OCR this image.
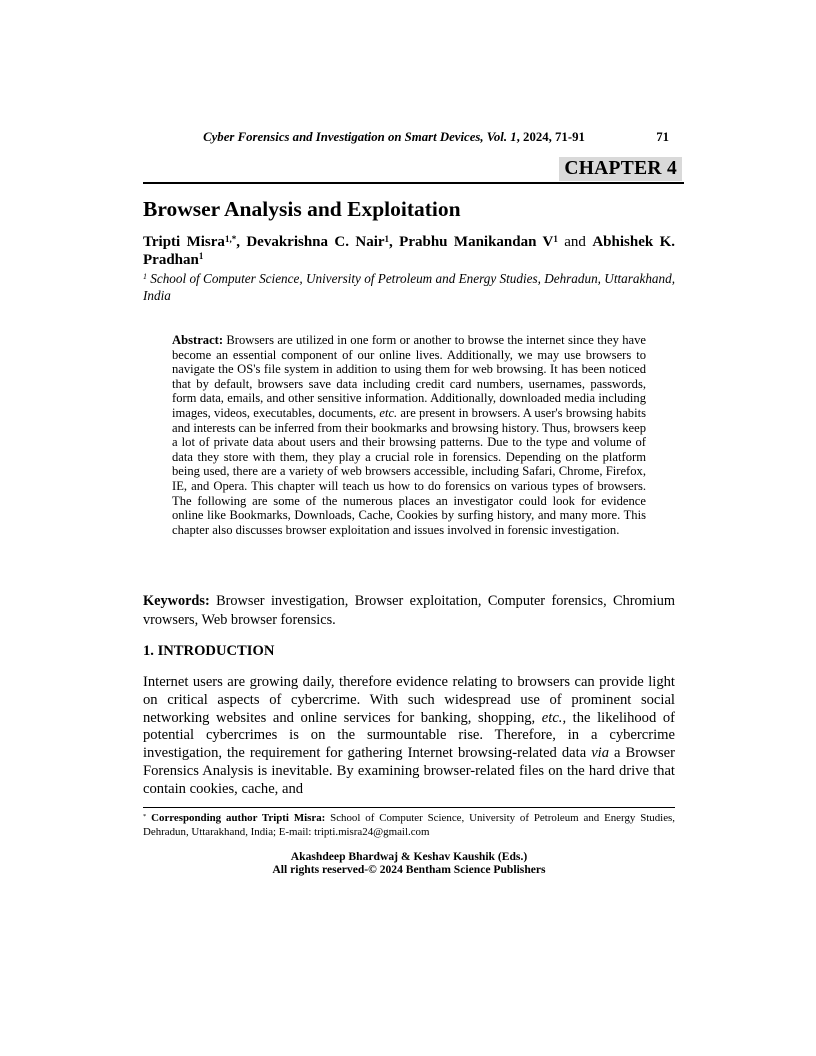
Cyber Forensics and Investigation on Smart Devices, Vol. 1, 2024, 71-91	71
CHAPTER 4
Browser Analysis and Exploitation
Tripti Misra$^{1,*}$, Devakrishna C. Nair$^1$, Prabhu Manikandan $V^1$ and Abhishek K. Pradhan$^1$
$^1$ School of Computer Science, University of Petroleum and Energy Studies, Dehradun, Uttarakhand, India
Abstract: Browsers are utilized in one form or another to browse the internet since they have become an essential component of our online lives. Additionally, we may use browsers to navigate the OS's file system in addition to using them for web browsing. It has been noticed that by default, browsers save data including credit card numbers, usernames, passwords, form data, emails, and other sensitive information. Additionally, downloaded media including images, videos, executables, documents, etc. are present in browsers. A user's browsing habits and interests can be inferred from their bookmarks and browsing history. Thus, browsers keep a lot of private data about users and their browsing patterns. Due to the type and volume of data they store with them, they play a crucial role in forensics. Depending on the platform being used, there are a variety of web browsers accessible, including Safari, Chrome, Firefox, IE, and Opera. This chapter will teach us how to do forensics on various types of browsers. The following are some of the numerous places an investigator could look for evidence online like Bookmarks, Downloads, Cache, Cookies by surfing history, and many more. This chapter also discusses browser exploitation and issues involved in forensic investigation.
Keywords: Browser investigation, Browser exploitation, Computer forensics, Chromium vrowsers, Web browser forensics.
1. INTRODUCTION
Internet users are growing daily, therefore evidence relating to browsers can provide light on critical aspects of cybercrime. With such widespread use of prominent social networking websites and online services for banking, shopping, etc., the likelihood of potential cybercrimes is on the surmountable rise. Therefore, in a cybercrime investigation, the requirement for gathering Internet browsing-related data via a Browser Forensics Analysis is inevitable. By examining browser-related files on the hard drive that contain cookies, cache, and
* Corresponding author Tripti Misra: School of Computer Science, University of Petroleum and Energy Studies, Dehradun, Uttarakhand, India; E-mail: tripti.misra24@gmail.com
Akashdeep Bhardwaj & Keshav Kaushik (Eds.)
All rights reserved-© 2024 Bentham Science Publishers
